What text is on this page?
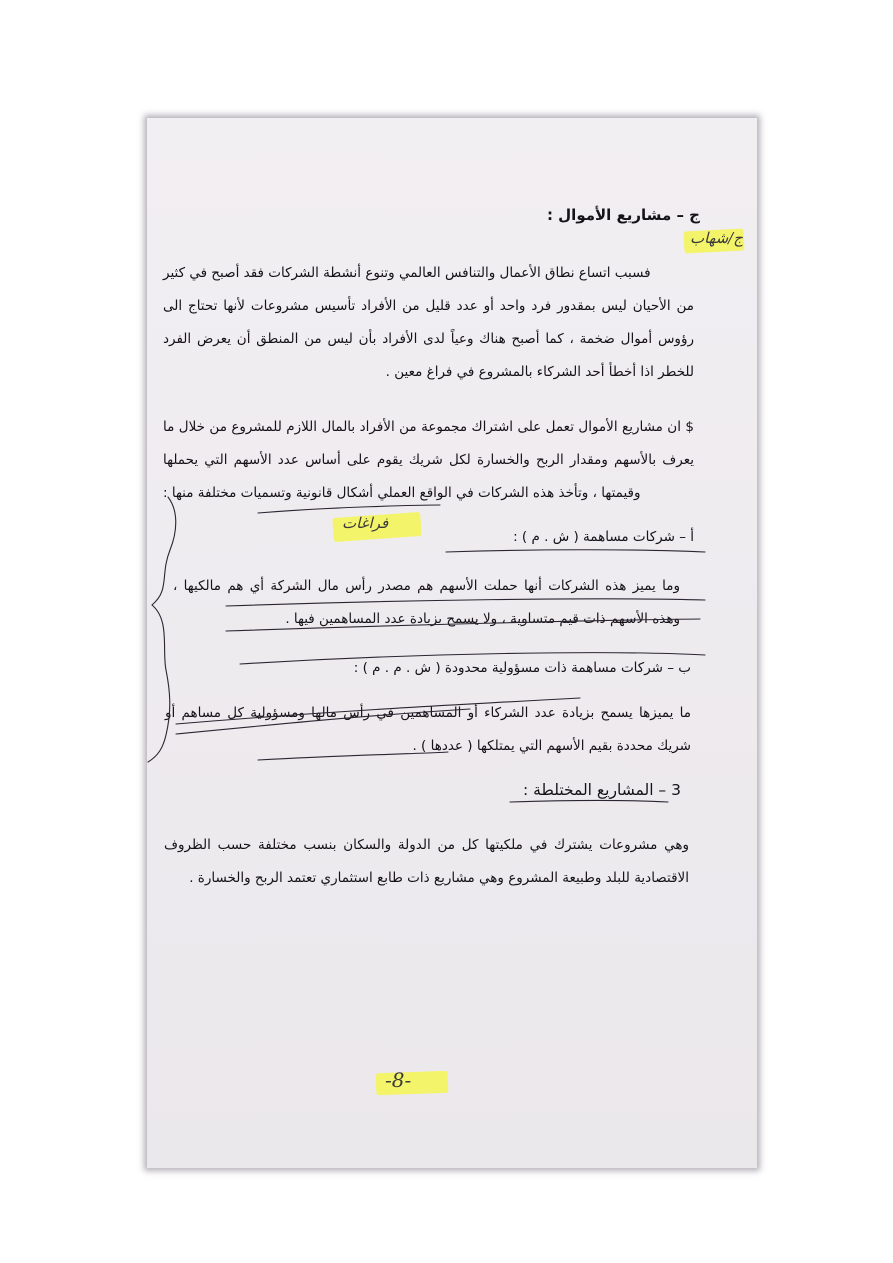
ج – مشاريع الأموال :
ج/شهاب
فسبب اتساع نطاق الأعمال والتنافس العالمي وتنوع أنشطة الشركات فقد أصبح في كثير
من الأحيان ليس بمقدور فرد واحد أو عدد قليل من الأفراد تأسيس مشروعات لأنها تحتاج الى
رؤوس أموال ضخمة ، كما أصبح هناك وعياً لدى الأفراد بأن ليس من المنطق أن يعرض الفرد
للخطر اذا أخطأ أحد الشركاء بالمشروع في فراغ معين .
$ ان مشاريع الأموال تعمل على اشتراك مجموعة من الأفراد بالمال اللازم للمشروع من خلال ما
يعرف بالأسهم ومقدار الربح والخسارة لكل شريك يقوم على أساس عدد الأسهم التي يحملها
وقيمتها ، وتأخذ هذه الشركات في الواقع العملي أشكال قانونية وتسميات مختلفة منها :
فراغات
أ – شركات مساهمة ( ش . م ) :
وما يميز هذه الشركات أنها حملت الأسهم هم مصدر رأس مال الشركة أي هم مالكيها ،
وهذه الأسهم ذات قيم متساوية ، ولا يسمح بزيادة عدد المساهمين فيها .
ب – شركات مساهمة ذات مسؤولية محدودة ( ش . م . م ) :
ما يميزها يسمح بزيادة عدد الشركاء أو المساهمين في رأس مالها ومسؤولية كل مساهم أو
شريك محددة بقيم الأسهم التي يمتلكها ( عددها ) .
3 – المشاريع المختلطة :
وهي مشروعات يشترك في ملكيتها كل من الدولة والسكان بنسب مختلفة حسب الظروف
الاقتصادية للبلد وطبيعة المشروع وهي مشاريع ذات طابع استثماري تعتمد الربح والخسارة .
-8-
